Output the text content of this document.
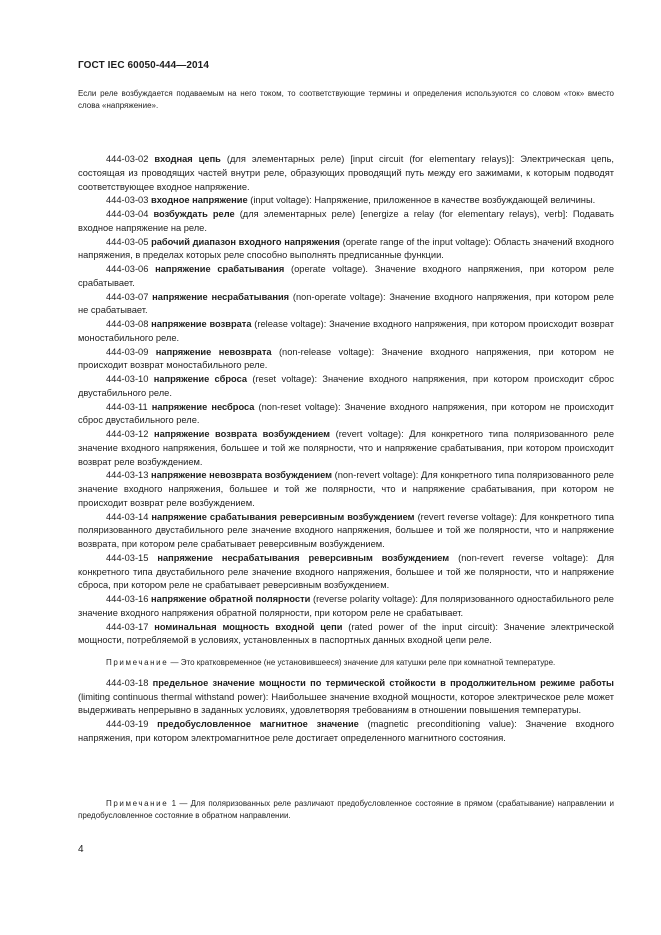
ГОСТ IEC 60050-444—2014
Если реле возбуждается подаваемым на него током, то соответствующие термины и определения используются со словом «ток» вместо слова «напряжение».

444-03-02 входная цепь (для элементарных реле) [input circuit (for elementary relays)]: Электрическая цепь, состоящая из проводящих частей внутри реле, образующих проводящий путь между его зажимами, к которым подводят соответствующее входное напряжение.

444-03-03 входное напряжение (input voltage): Напряжение, приложенное в качестве возбуждающей величины.

444-03-04 возбуждать реле (для элементарных реле) [energize a relay (for elementary relays), verb]: Подавать входное напряжение на реле.

444-03-05 рабочий диапазон входного напряжения (operate range of the input voltage): Область значений входного напряжения, в пределах которых реле способно выполнять предписанные функции.

444-03-06 напряжение срабатывания (operate voltage). Значение входного напряжения, при котором реле срабатывает.

444-03-07 напряжение несрабатывания (non-operate voltage): Значение входного напряжения, при котором реле не срабатывает.

444-03-08 напряжение возврата (release voltage): Значение входного напряжения, при котором происходит возврат моностабильного реле.

444-03-09 напряжение невозврата (non-release voltage): Значение входного напряжения, при котором не происходит возврат моностабильного реле.

444-03-10 напряжение сброса (reset voltage): Значение входного напряжения, при котором происходит сброс двустабильного реле.

444-03-11 напряжение несброса (non-reset voltage): Значение входного напряжения, при котором не происходит сброс двустабильного реле.

444-03-12 напряжение возврата возбуждением (revert voltage): Для конкретного типа поляризованного реле значение входного напряжения, большее и той же полярности, что и напряжение срабатывания, при котором происходит возврат реле возбуждением.

444-03-13 напряжение невозврата возбуждением (non-revert voltage): Для конкретного типа поляризованного реле значение входного напряжения, большее и той же полярности, что и напряжение срабатывания, при котором не происходит возврат реле возбуждением.

444-03-14 напряжение срабатывания реверсивным возбуждением (revert reverse voltage): Для конкретного типа поляризованного двустабильного реле значение входного напряжения, большее и той же полярности, что и напряжение возврата, при котором реле срабатывает реверсивным возбуждением.

444-03-15 напряжение несрабатывания реверсивным возбуждением (non-revert reverse voltage): Для конкретного типа двустабильного реле значение входного напряжения, большее и той же полярности, что и напряжение сброса, при котором реле не срабатывает реверсивным возбуждением.

444-03-16 напряжение обратной полярности (reverse polarity voltage): Для поляризованного одностабильного реле значение входного напряжения обратной полярности, при котором реле не срабатывает.

444-03-17 номинальная мощность входной цепи (rated power of the input circuit): Значение электрической мощности, потребляемой в условиях, установленных в паспортных данных входной цепи реле.

Примечание — Это кратковременное (не установившееся) значение для катушки реле при комнатной температуре.

444-03-18 предельное значение мощности по термической стойкости в продолжительном режиме работы (limiting continuous thermal withstand power): Наибольшее значение входной мощности, которое электрическое реле может выдерживать непрерывно в заданных условиях, удовлетворяя требованиям в отношении повышения температуры.

444-03-19 предобусловленное магнитное значение (magnetic preconditioning value): Значение входного напряжения, при котором электромагнитное реле достигает определенного магнитного состояния.

Примечание 1 — Для поляризованных реле различают предобусловленное состояние в прямом (срабатывание) направлении и предобусловленное состояние в обратном направлении.

4
